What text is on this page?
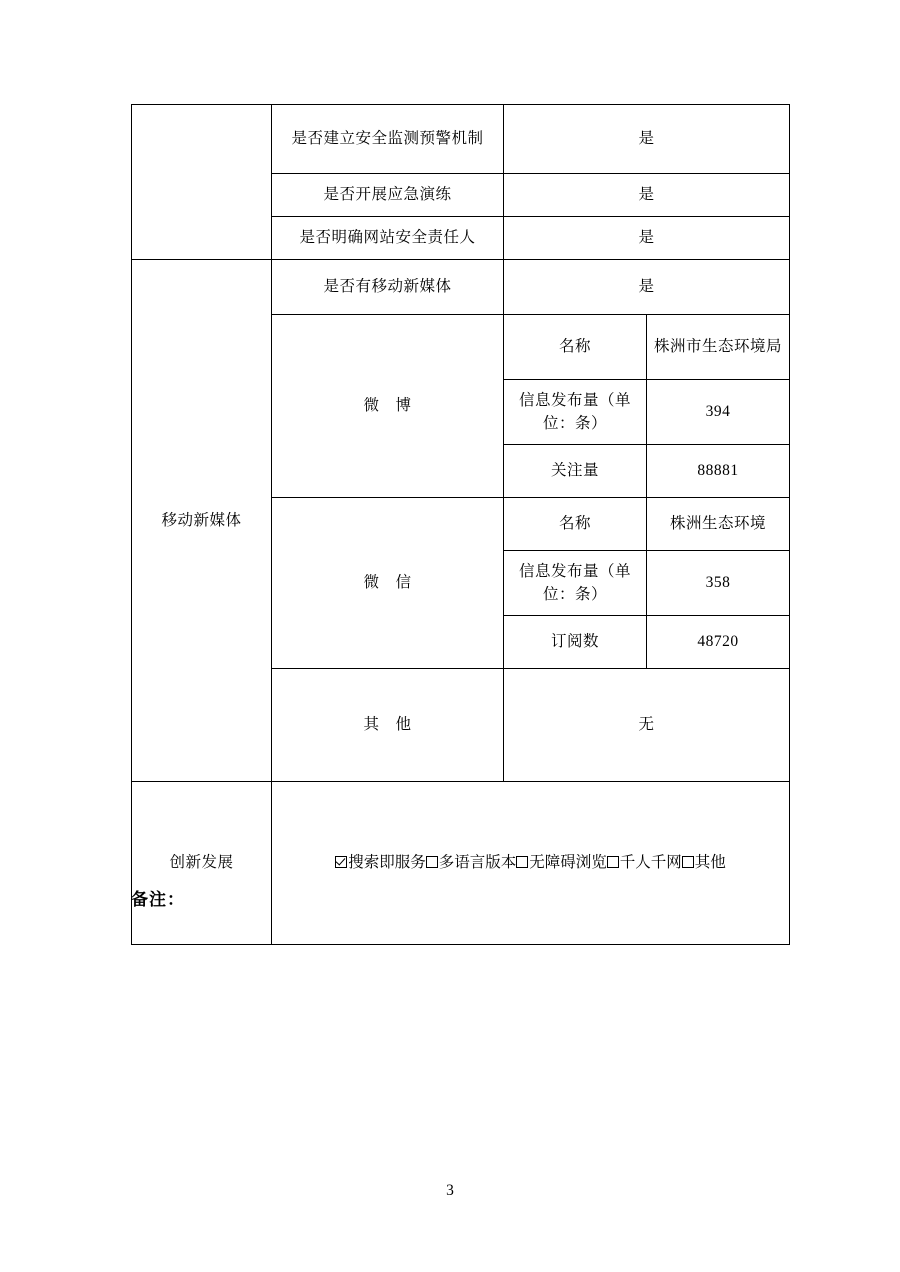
	是否建立安全监测预警机制	是	
	是否开展应急演练	是	
	是否明确网站安全责任人	是	
移动新媒体	是否有移动新媒体	是	
	微　博	名称	株洲市生态环境局
		信息发布量（单位：条）	394
		关注量	88881
	微　信	名称	株洲生态环境
		信息发布量（单位：条）	358
		订阅数	48720
	其　他	无	
创新发展	搜索即服务 多语言版本 无障碍浏览 千人千网 其他		
备注：
3
